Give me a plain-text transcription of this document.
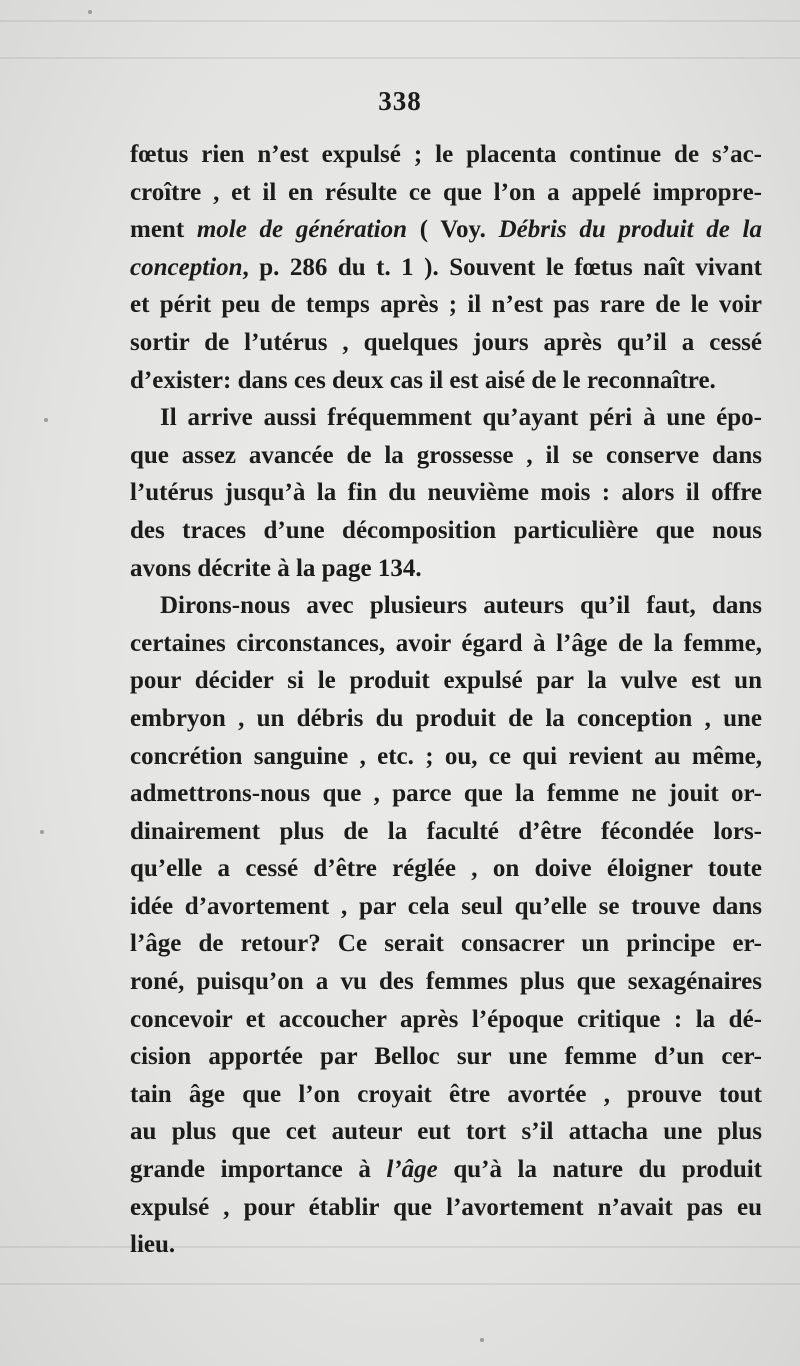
338
fœtus rien n’est expulsé ; le placenta continue de s’ac-
croître , et il en résulte ce que l’on a appelé improprе-
ment mole de génération ( Voy. Débris du produit de la
conception, p. 286 du t. 1 ). Souvent le fœtus naît vivant
et périt peu de temps après ; il n’est pas rare de le voir
sortir de l’utérus , quelques jours après qu’il a cessé
d’exister: dans ces deux cas il est aisé de le reconnaître.
Il arrive aussi fréquemment qu’ayant péri à une épo-
que assez avancée de la grossesse , il se conserve dans
l’utérus jusqu’à la fin du neuvième mois : alors il offre
des traces d’une décomposition particulière que nous
avons décrite à la page 134.
Dirons-nous avec plusieurs auteurs qu’il faut, dans
certaines circonstances, avoir égard à l’âge de la femme,
pour décider si le produit expulsé par la vulve est un
embryon , un débris du produit de la conception , une
concrétion sanguine , etc. ; ou, ce qui revient au même,
admettrons-nous que , parce que la femme ne jouit or-
dinairement plus de la faculté d’être fécondée lors-
qu’elle a cessé d’être réglée , on doive éloigner toute
idée d’avortement , par cela seul qu’elle se trouve dans
l’âge de retour? Ce serait consacrer un principe er-
roné, puisqu’on a vu des femmes plus que sexagénaires
concevoir et accoucher après l’époque critique : la dé-
cision apportée par Belloc sur une femme d’un cer-
tain âge que l’on croyait être avortée , prouve tout
au plus que cet auteur eut tort s’il attacha une plus
grande importance à l’âge qu’à la nature du produit
expulsé , pour établir que l’avortement n’avait pas eu
lieu.
